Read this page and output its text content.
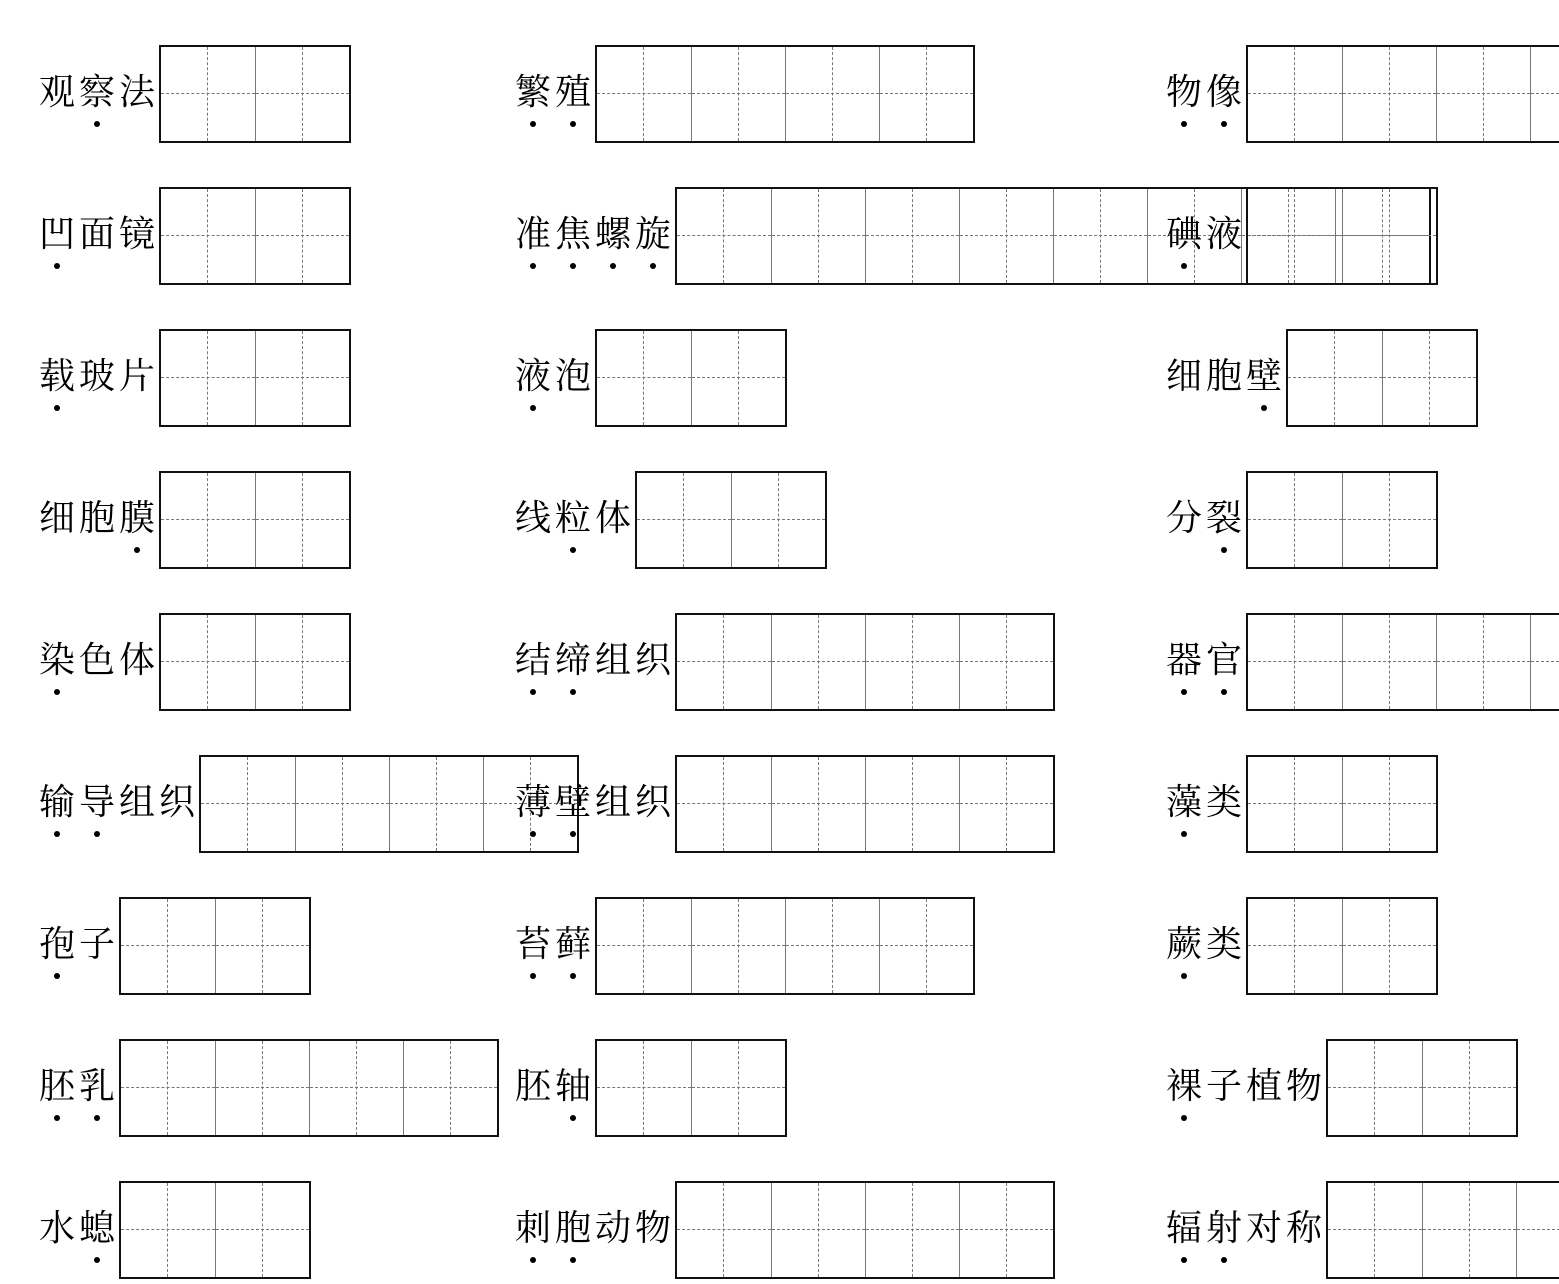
观 察 法
凹 面 镜
载 玻 片
细 胞 膜
染 色 体
输 导 组 织
孢 子
胚 乳
水 螅
繁 殖
准 焦 螺 旋
液 泡
线 粒 体
结 缔 组 织
薄 壁 组 织
苔 藓
胚 轴
刺 胞 动 物
物 像
碘 液
细 胞 壁
分 裂
器 官
藻 类
蕨 类
裸 子 植 物
辐 射 对 称
